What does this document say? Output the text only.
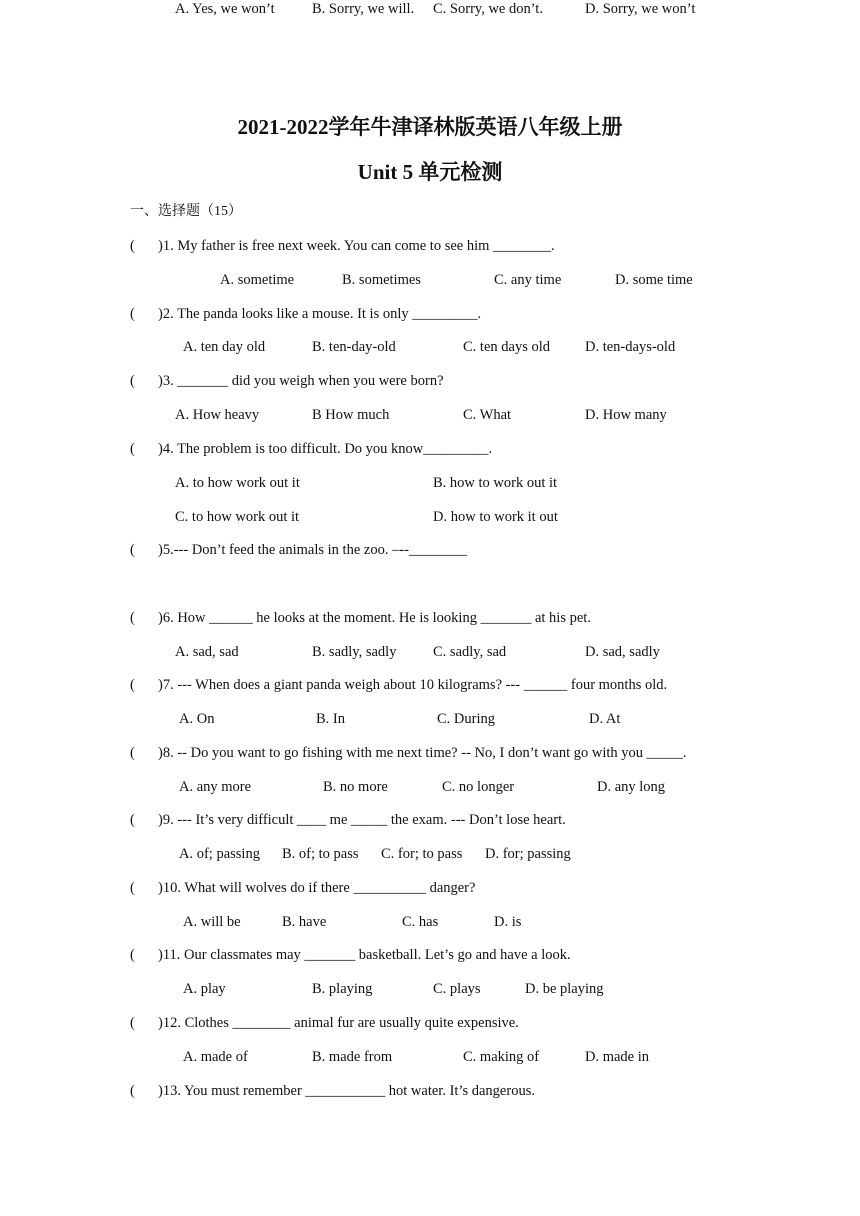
2021-2022学年牛津译林版英语八年级上册
Unit 5 单元检测
一、选择题（15）
( )1. My father is free next week. You can come to see him ________.
A. sometime	B. sometimes	C. any time	D. some time
( )2. The panda looks like a mouse. It is only _________.
A. ten day old	B. ten-day-old	C. ten days old D. ten-days-old
( )3. _______ did you weigh when you were born?
A. How heavy	B How much	C. What	D. How many
( )4. The problem is too difficult. Do you know_________.
A. to how work out it	B. how to work out it
C. to how work out it	D. how to work it out
( )5.--- Don’t feed the animals in the zoo. –--________
A. Yes, we won’t	B. Sorry, we will. C. Sorry, we don’t.	D. Sorry, we won’t
( )6. How ______ he looks at the moment. He is looking _______ at his pet.
A. sad, sad	B. sadly, sadly	C. sadly, sad	D. sad, sadly
( )7. --- When does a giant panda weigh about 10 kilograms? --- ______ four months old.
A. On	B. In	C. During	D. At
( )8. -- Do you want to go fishing with me next time? -- No, I don’t want go with you _____.
A. any more	B. no more	C. no longer	D. any long
( )9. --- It’s very difficult ____ me _____ the exam. --- Don’t lose heart.
A. of; passing B. of; to pass C. for; to pass D. for; passing
( )10. What will wolves do if there __________ danger?
A. will be	B. have	C. has	D. is
( )11. Our classmates may _______ basketball. Let’s go and have a look.
A. play	B. playing	C. plays	D. be playing
( )12. Clothes ________ animal fur are usually quite expensive.
A. made of	B. made from	C. making of	D. made in
( )13. You must remember ___________ hot water. It’s dangerous.
